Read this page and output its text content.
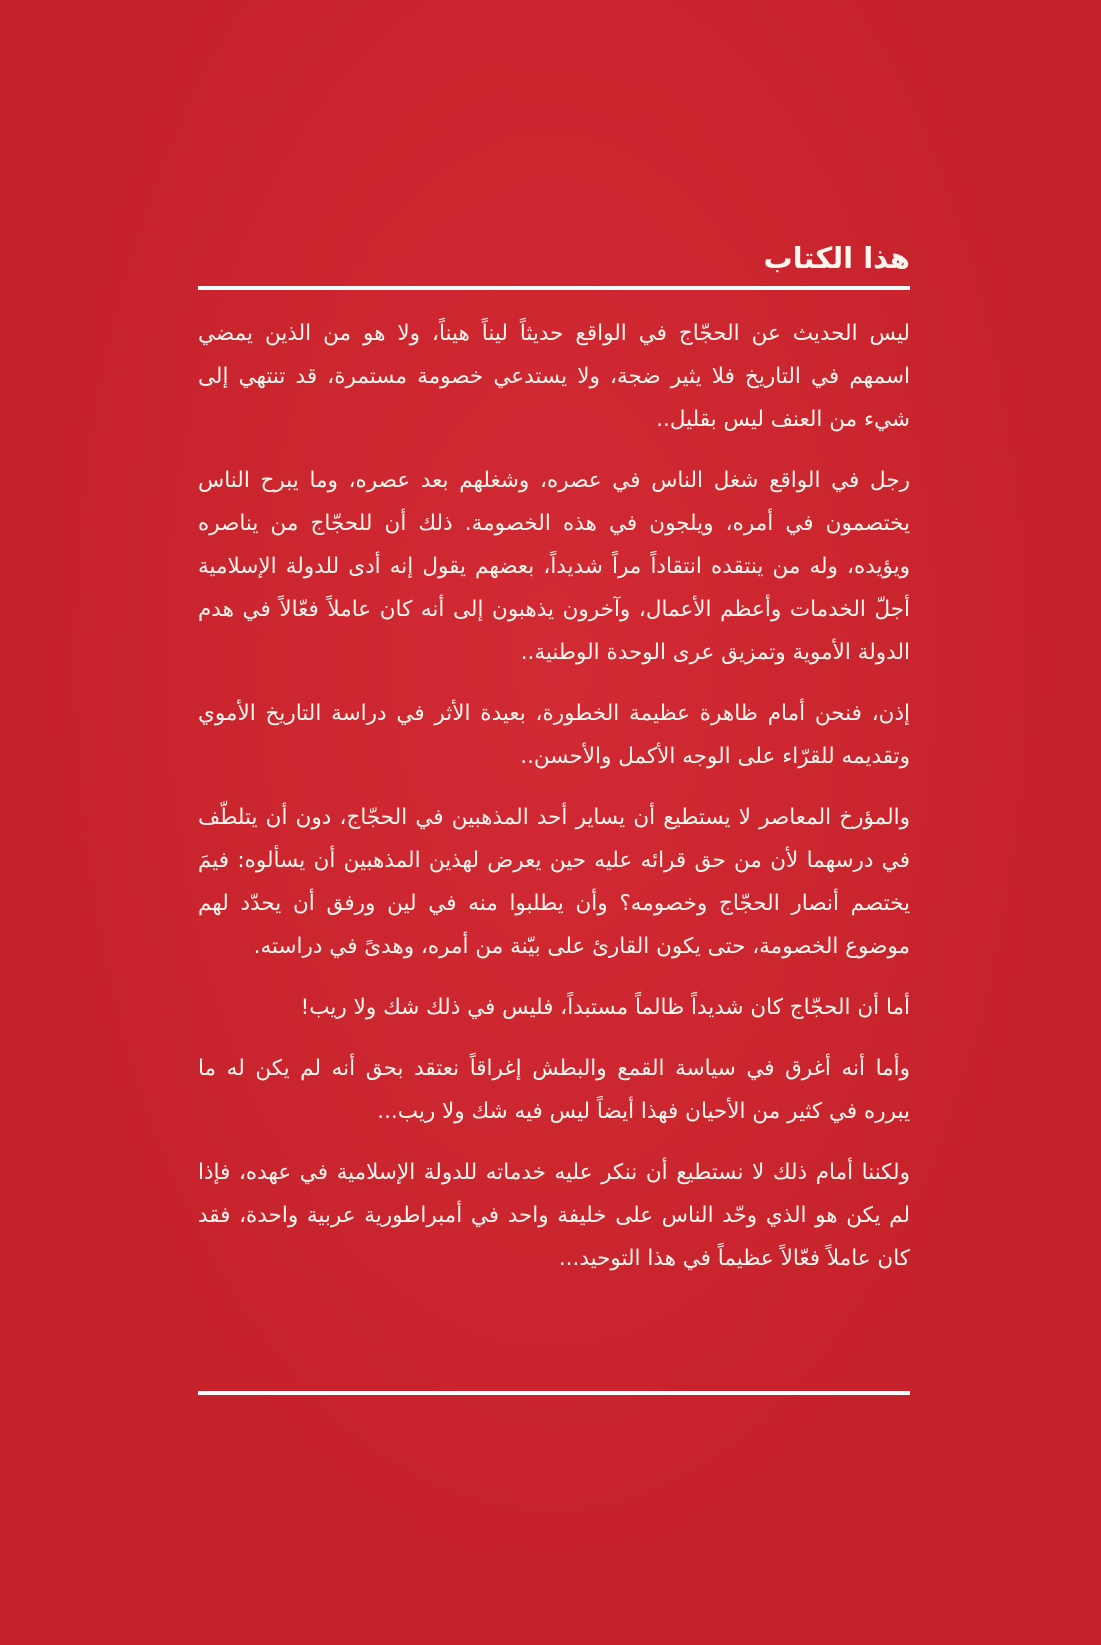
هذا الكتاب

ليس الحديث عن الحجّاج في الواقع حديثاً ليناً هيناً، ولا هو من الذين يمضي اسمهم في التاريخ فلا يثير ضجة، ولا يستدعي خصومة مستمرة، قد تنتهي إلى شيء من العنف ليس بقليل..

رجل في الواقع شغل الناس في عصره، وشغلهم بعد عصره، وما يبرح الناس يختصمون في أمره، ويلجون في هذه الخصومة. ذلك أن للحجّاج من يناصره ويؤيده، وله من ينتقده انتقاداً مراً شديداً، بعضهم يقول إنه أدى للدولة الإسلامية أجلّ الخدمات وأعظم الأعمال، وآخرون يذهبون إلى أنه كان عاملاً فعّالاً في هدم الدولة الأموية وتمزيق عرى الوحدة الوطنية..

إذن، فنحن أمام ظاهرة عظيمة الخطورة، بعيدة الأثر في دراسة التاريخ الأموي وتقديمه للقرّاء على الوجه الأكمل والأحسن..

والمؤرخ المعاصر لا يستطيع أن يساير أحد المذهبين في الحجّاج، دون أن يتلطّف في درسهما لأن من حق قرائه عليه حين يعرض لهذين المذهبين أن يسألوه: فيمَ يختصم أنصار الحجّاج وخصومه؟ وأن يطلبوا منه في لين ورفق أن يحدّد لهم موضوع الخصومة، حتى يكون القارئ على بيّنة من أمره، وهدىً في دراسته.

أما أن الحجّاج كان شديداً ظالماً مستبداً، فليس في ذلك شك ولا ريب!

وأما أنه أغرق في سياسة القمع والبطش إغراقاً نعتقد بحق أنه لم يكن له ما يبرره في كثير من الأحيان فهذا أيضاً ليس فيه شك ولا ريب...

ولكننا أمام ذلك لا نستطيع أن ننكر عليه خدماته للدولة الإسلامية في عهده، فإذا لم يكن هو الذي وحّد الناس على خليفة واحد في أمبراطورية عربية واحدة، فقد كان عاملاً فعّالاً عظيماً في هذا التوحيد...
